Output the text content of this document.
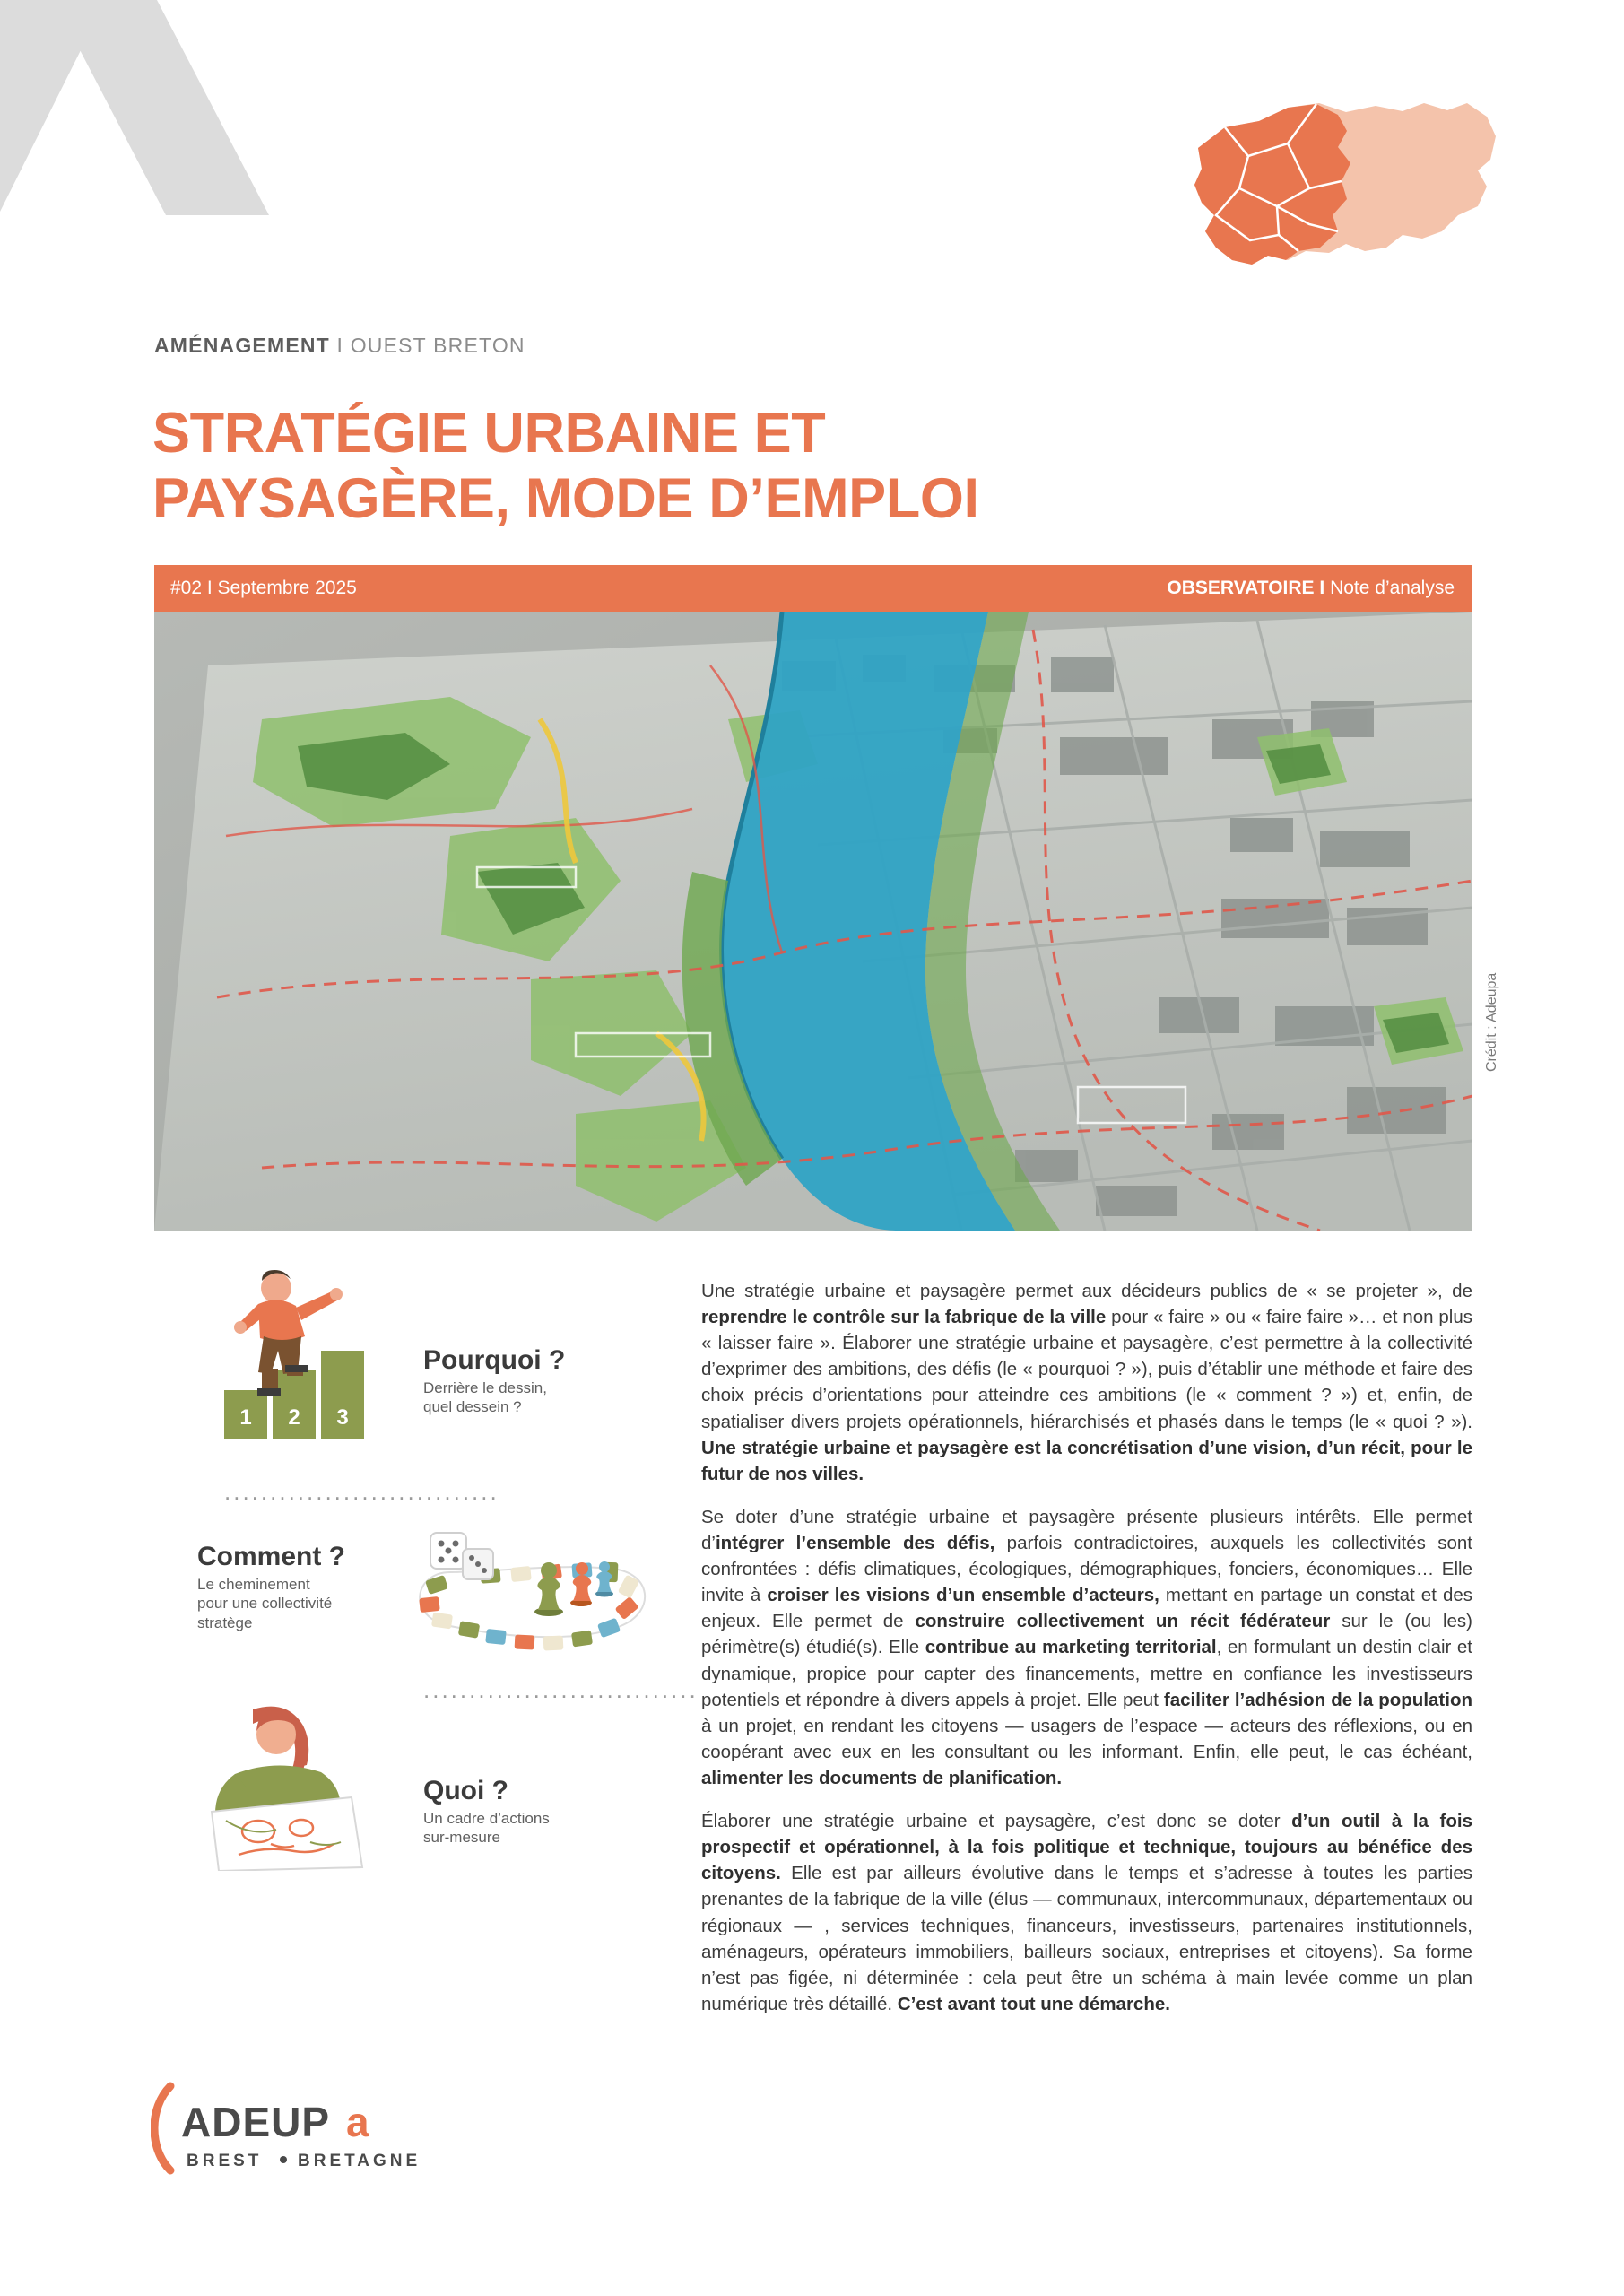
AMÉNAGEMENT I OUEST BRETON
STRATÉGIE URBAINE ET
PAYSAGÈRE, MODE D’EMPLOI
#02 I Septembre 2025	OBSERVATOIRE I Note d’analyse
Crédit : Adeupa
1 2 3
Pourquoi ?
Derrière le dessin,
quel dessein ?
..............................
Comment ?
Le cheminement
pour une collectivité
stratège
..............................
Quoi ?
Un cadre d’actions
sur-mesure
ADEUP a
BREST BRETAGNE

Une stratégie urbaine et paysagère permet aux décideurs publics de « se projeter », de reprendre le contrôle sur la fabrique de la ville pour « faire » ou « faire faire »… et non plus « laisser faire ». Élaborer une stratégie urbaine et paysagère, c’est permettre à la collectivité d’exprimer des ambitions, des défis (le « pourquoi ? »), puis d’établir une méthode et faire des choix précis d’orientations pour atteindre ces ambitions (le « comment ? ») et, enfin, de spatialiser divers projets opérationnels, hiérarchisés et phasés dans le temps (le « quoi ? »). Une stratégie urbaine et paysagère est la concrétisation d’une vision, d’un récit, pour le futur de nos villes.

Se doter d’une stratégie urbaine et paysagère présente plusieurs intérêts. Elle permet d’intégrer l’ensemble des défis, parfois contradictoires, auxquels les collectivités sont confrontées : défis climatiques, écologiques, démographiques, fonciers, économiques… Elle invite à croiser les visions d’un ensemble d’acteurs, mettant en partage un constat et des enjeux. Elle permet de construire collectivement un récit fédérateur sur le (ou les) périmètre(s) étudié(s). Elle contribue au marketing territorial, en formulant un destin clair et dynamique, propice pour capter des financements, mettre en confiance les investisseurs potentiels et répondre à divers appels à projet. Elle peut faciliter l’adhésion de la population à un projet, en rendant les citoyens — usagers de l’espace — acteurs des réflexions, ou en coopérant avec eux en les consultant ou les informant. Enfin, elle peut, le cas échéant, alimenter les documents de planification.

Élaborer une stratégie urbaine et paysagère, c’est donc se doter d’un outil à la fois prospectif et opérationnel, à la fois politique et technique, toujours au bénéfice des citoyens. Elle est par ailleurs évolutive dans le temps et s’adresse à toutes les parties prenantes de la fabrique de la ville (élus — communaux, intercommunaux, départementaux ou régionaux — , services techniques, financeurs, investisseurs, partenaires institutionnels, aménageurs, opérateurs immobiliers, bailleurs sociaux, entreprises et citoyens). Sa forme n’est pas figée, ni déterminée : cela peut être un schéma à main levée comme un plan numérique très détaillé. C’est avant tout une démarche.
